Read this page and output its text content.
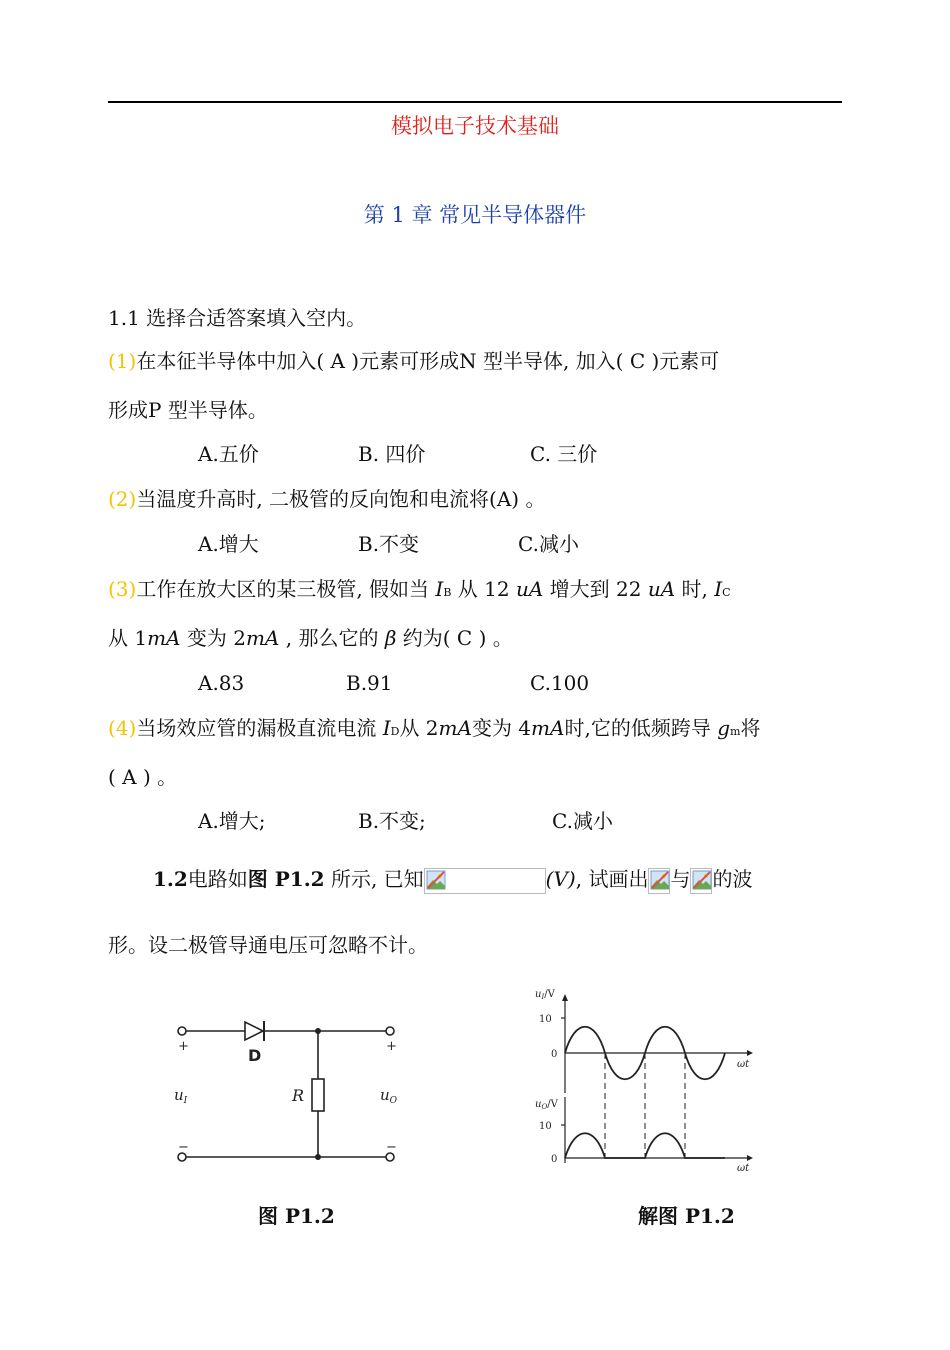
模拟电子技术基础
第 1 章 常见半导体器件
1.1 选择合适答案填入空内。
(1)在本征半导体中加入( A )元素可形成N 型半导体, 加入( C )元素可
形成P 型半导体。
A.五价	B. 四价	C. 三价
(2)当温度升高时, 二极管的反向饱和电流将(A) 。
A.增大	B.不变	C.减小
(3)工作在放大区的某三极管, 假如当 IB 从 12 uA 增大到 22 uA 时, IC
从 1mA 变为 2mA , 那么它的 β 约为( C ) 。
A.83	B.91	C.100
(4)当场效应管的漏极直流电流 ID从 2mA变为 4mA时,它的低频跨导 gm将
( A ) 。
A.增大;	B.不变;	C.减小
1.2电路如图 P1.2 所示, 已知	(V), 试画出 与 的波
形。设二极管导通电压可忽略不计。
+
−
+
−
D
R
$u_I$	$u_O$
图 P1.2
$u_I/V$
10
0
$u_O/V$
10
0
ωt
ωt
解图 P1.2
